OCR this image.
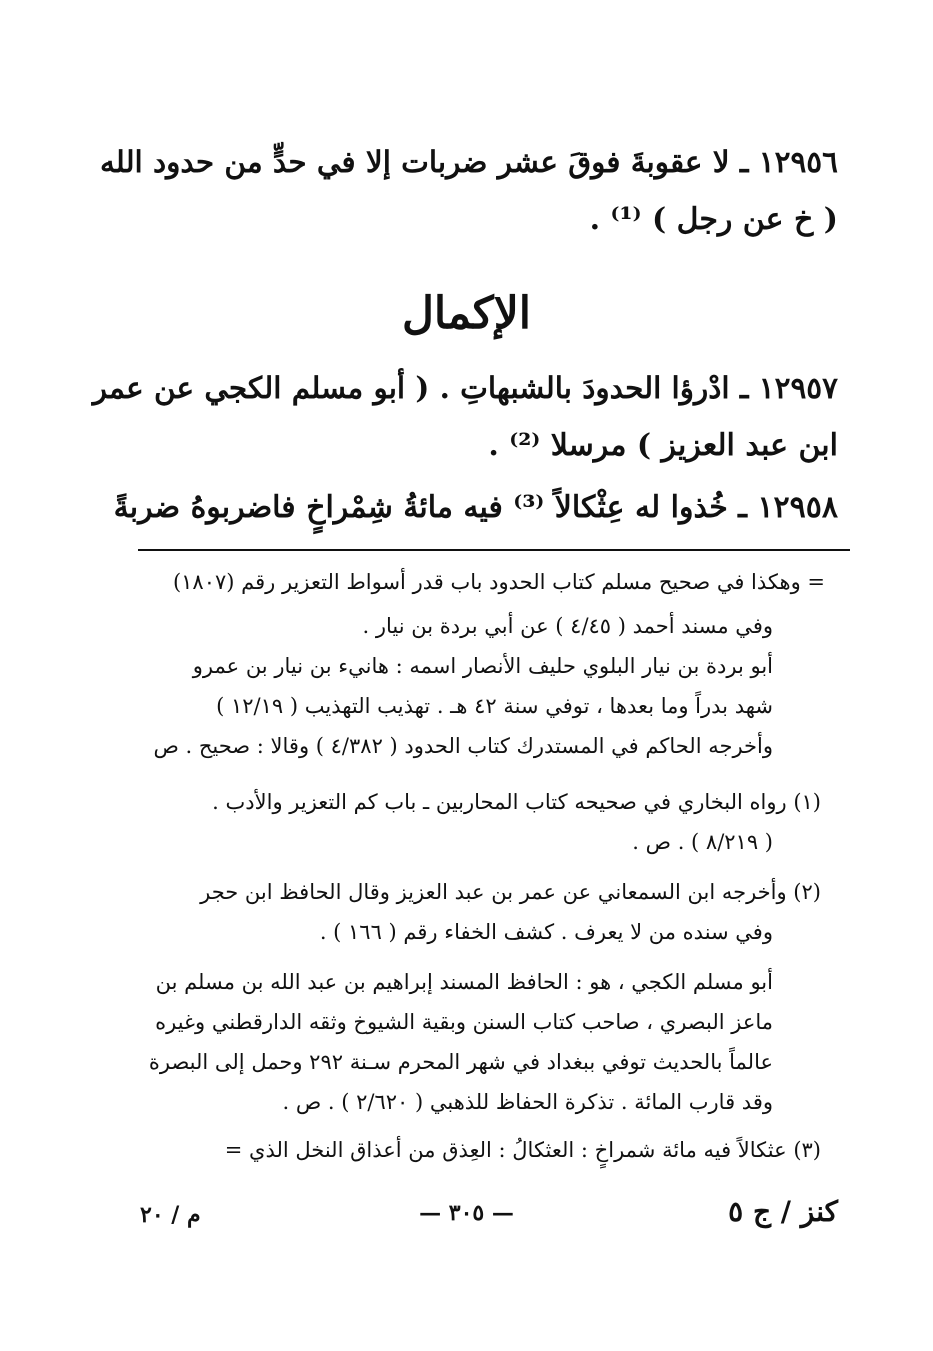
١٢٩٥٦ ـ لا عقوبةَ فوقَ عشر ضربات إلا في حدٍّ من حدود الله
( خ عن رجل ) ⁽¹⁾ .
الإكمال
١٢٩٥٧ ـ ادْرؤا الحدودَ بالشبهاتِ . ( أبو مسلم الكجي عن عمر
ابن عبد العزيز ) مرسلا ⁽²⁾ .
١٢٩٥٨ ـ خُذوا له عِثْكالاً ⁽³⁾ فيه مائةُ شِمْراخٍ فاضربوهُ ضربةً
= وهكذا في صحيح مسلم كتاب الحدود باب قدر أسواط التعزير رقم (١٨٠٧)
وفي مسند أحمد ( ٤/٤٥ ) عن أبي بردة بن نيار .
أبو بردة بن نيار البلوي حليف الأنصار اسمه : هانيء بن نيار بن عمرو
شهد بدراً وما بعدها ، توفي سنة ٤٢ هـ . تهذيب التهذيب ( ١٢/١٩ )
وأخرجه الحاكم في المستدرك كتاب الحدود ( ٤/٣٨٢ ) وقالا : صحيح . ص
(١) رواه البخاري في صحيحه كتاب المحاربين ـ باب كم التعزير والأدب .
( ٨/٢١٩ ) . ص .
(٢) وأخرجه ابن السمعاني عن عمر بن عبد العزيز وقال الحافظ ابن حجر
وفي سنده من لا يعرف . كشف الخفاء رقم ( ١٦٦ ) .
أبو مسلم الكجي ، هو : الحافظ المسند إبراهيم بن عبد الله بن مسلم بن
ماعز البصري ، صاحب كتاب السنن وبقية الشيوخ وثقه الدارقطني وغيره
عالماً بالحديث توفي ببغداد في شهر المحرم سـنة ٢٩٢ وحمل إلى البصرة
وقد قارب المائة . تذكرة الحفاظ للذهبي ( ٢/٦٢٠ ) . ص .
(٣) عثكالاً فيه مائة شمراخٍ : العثكالُ : العِذق من أعذاق النخل الذي =
كنز / ج ٥
— ٣٠٥ —
م / ٢٠
